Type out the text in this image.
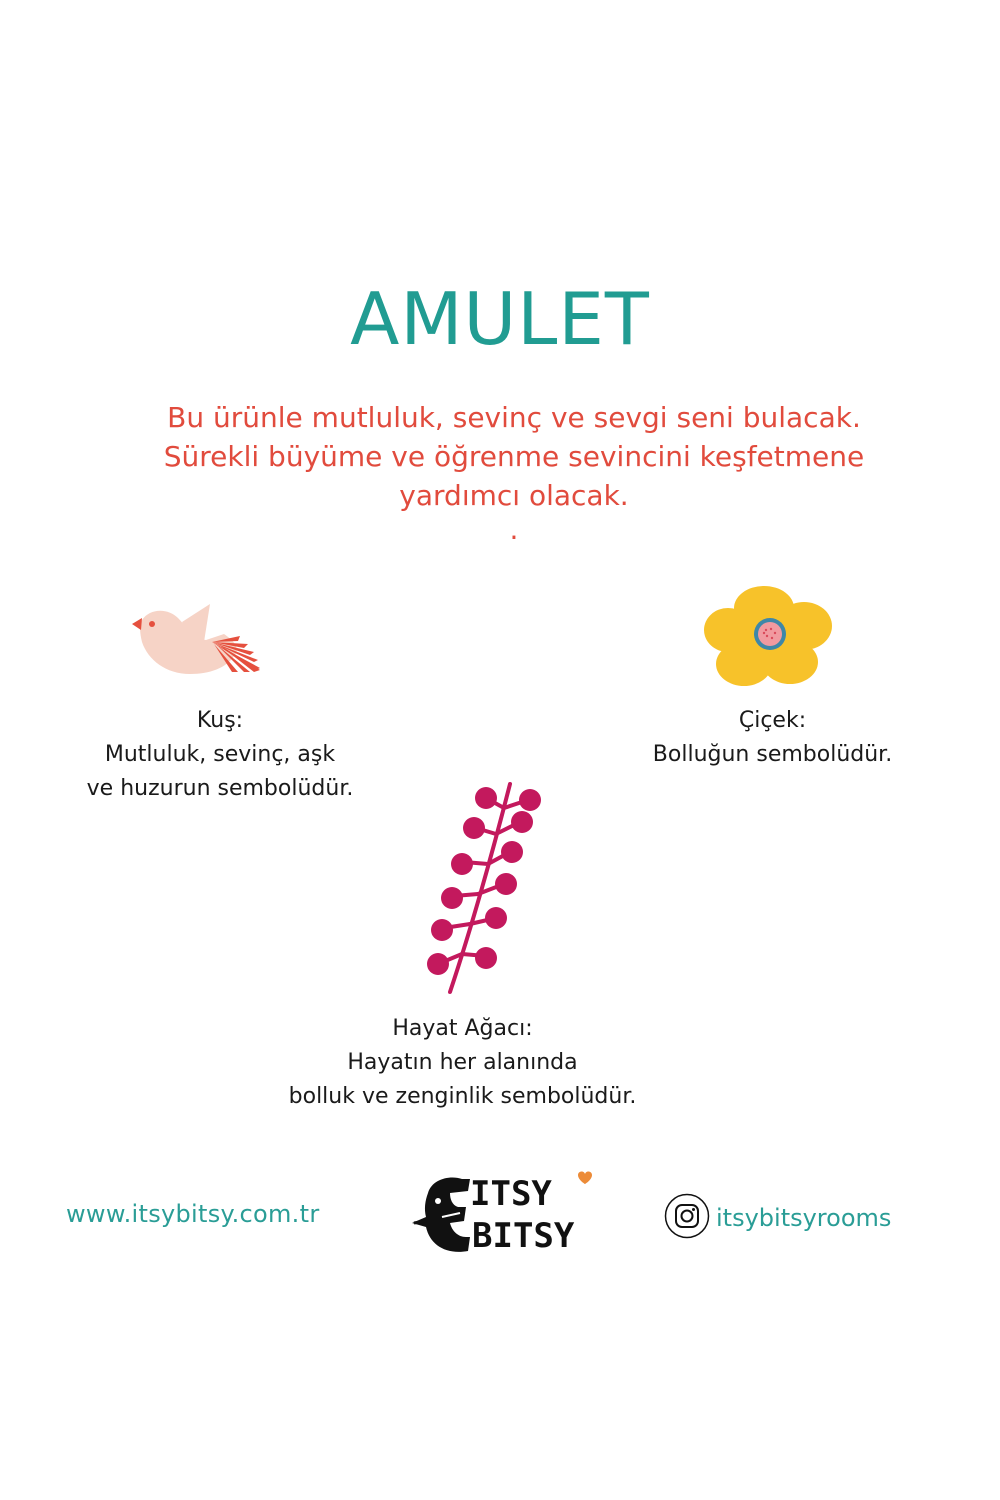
AMULET
Bu ürünle mutluluk, sevinç ve sevgi seni bulacak.
Sürekli büyüme ve öğrenme sevincini keşfetmene
yardımcı olacak.
.
Kuş:
Mutluluk, sevinç, aşk
ve huzurun sembolüdür.
Çiçek:
Bolluğun sembolüdür.
Hayat Ağacı:
Hayatın her alanında
bolluk ve zenginlik sembolüdür.
www.itsybitsy.com.tr	ITSY
BITSY	itsybitsyrooms
